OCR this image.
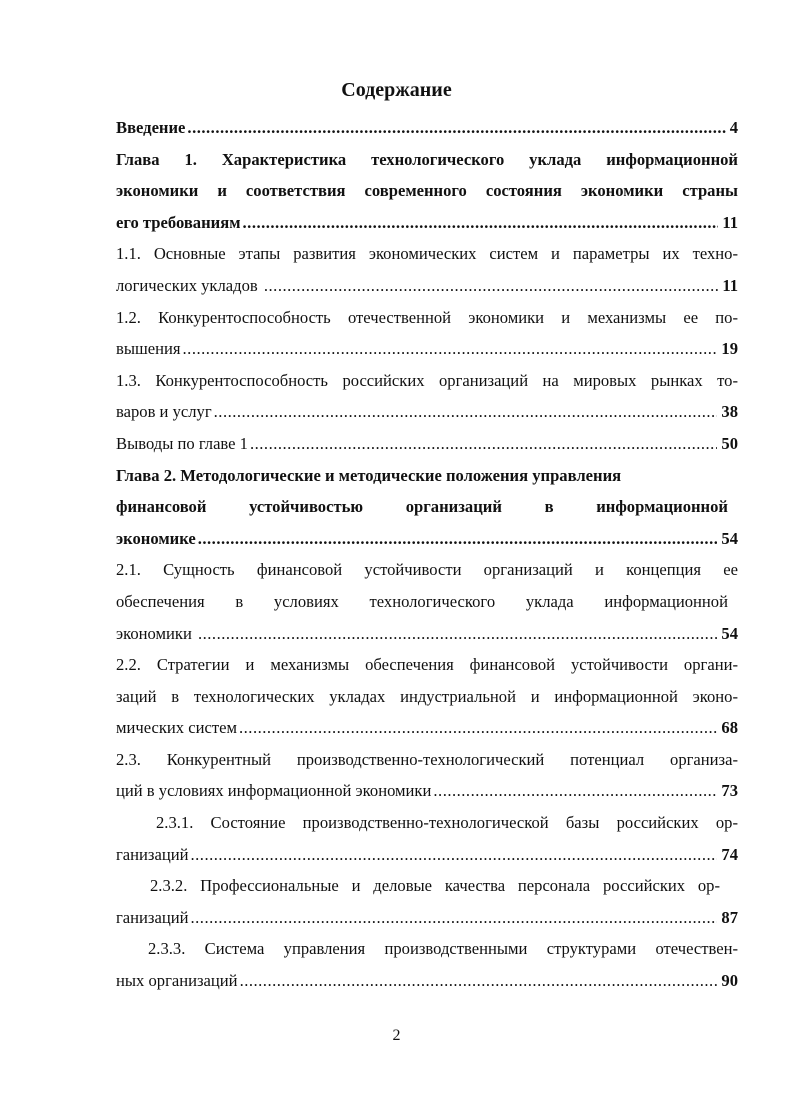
Содержание
Введение .....	4
Глава 1. Характеристика технологического уклада информационной
экономики и соответствия современного состояния экономики страны
его требованиям .....	11
1.1. Основные этапы развития экономических систем и параметры их техно-
логических укладов .....	11
1.2. Конкурентоспособность отечественной экономики и механизмы ее по-
вышения .....	19
1.3. Конкурентоспособность российских организаций на мировых рынках то-
варов и услуг .....	38
Выводы по главе 1 .....	50
Глава 2. Методологические и методические положения управления
финансовой	устойчивостью	организаций	в	информационной
экономике .....	54
2.1. Сущность финансовой устойчивости организаций и концепция ее
обеспечения в условиях технологического уклада информационной
экономики .....	54
2.2. Стратегии и механизмы обеспечения финансовой устойчивости органи-
заций в технологических укладах индустриальной и информационной эконо-
мических систем .....	68
2.3. Конкурентный производственно-технологический потенциал организа-
ций в условиях информационной экономики .....	73
2.3.1. Состояние производственно-технологической базы российских ор-
ганизаций .....	74
2.3.2. Профессиональные и деловые качества персонала российских ор-
ганизаций .....	87
2.3.3. Система управления производственными структурами отечествен-
ных организаций .....	90
2
